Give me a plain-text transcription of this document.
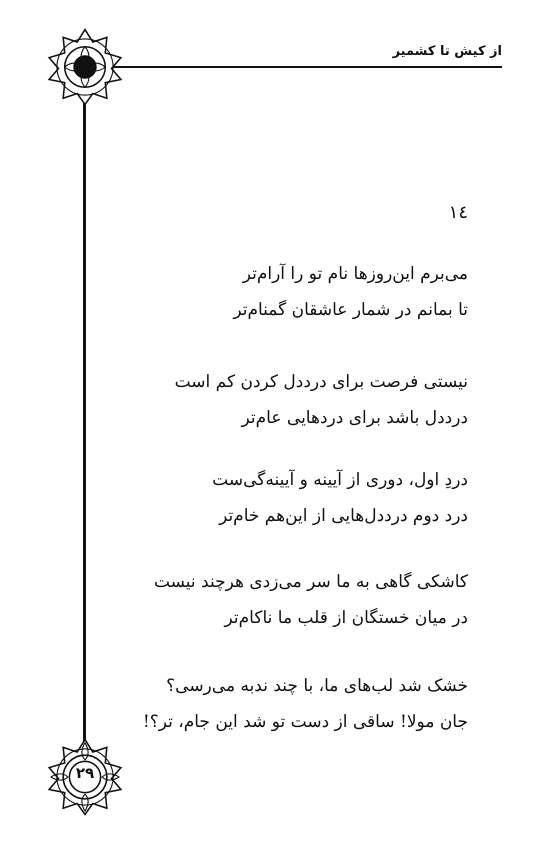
از کیش تا کشمیر
۲۹
۱٤
می‌برم این‌روزها نام تو را آرام‌تر
تا بمانم در شمار عاشقان گمنام‌تر
نیستی فرصت برای درددل کردن کم است
درددل باشد برای دردهایی عام‌تر
دردِ اول، دوری از آیینه و آیینه‌گی‌ست
درد دوم درددل‌هایی از این‌هم خام‌تر
کاشکی گاهی به ما سر می‌زدی هرچند نیست
در میان خستگان از قلب ما ناکام‌تر
خشک شد لب‌های ما، با چند ندبه می‌رسی؟
جان مولا! ساقی از دست تو شد این جام، تر؟!
